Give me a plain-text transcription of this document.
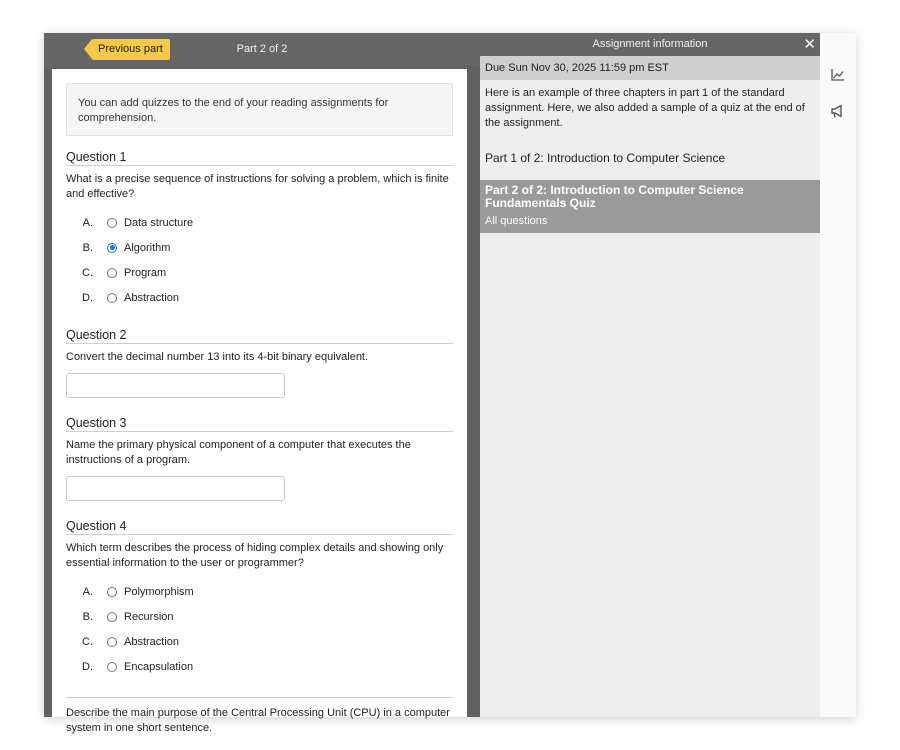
Part 2 of 2
Previous part
You can add quizzes to the end of your reading assignments for comprehension.
Question 1
What is a precise sequence of instructions for solving a problem, which is finite and effective?
A.	Data structure
B.	Algorithm
C.	Program
D.	Abstraction
Question 2
Convert the decimal number 13 into its 4-bit binary equivalent.
Question 3
Name the primary physical component of a computer that executes the instructions of a program.
Question 4
Which term describes the process of hiding complex details and showing only essential information to the user or programmer?
A.	Polymorphism
B.	Recursion
C.	Abstraction
D.	Encapsulation
Describe the main purpose of the Central Processing Unit (CPU) in a computer system in one short sentence.
Assignment information	✕
Due Sun Nov 30, 2025 11:59 pm EST
Here is an example of three chapters in part 1 of the standard assignment. Here, we also added a sample of a quiz at the end of the assignment.
Part 1 of 2: Introduction to Computer Science
Part 2 of 2: Introduction to Computer Science Fundamentals Quiz
All questions
